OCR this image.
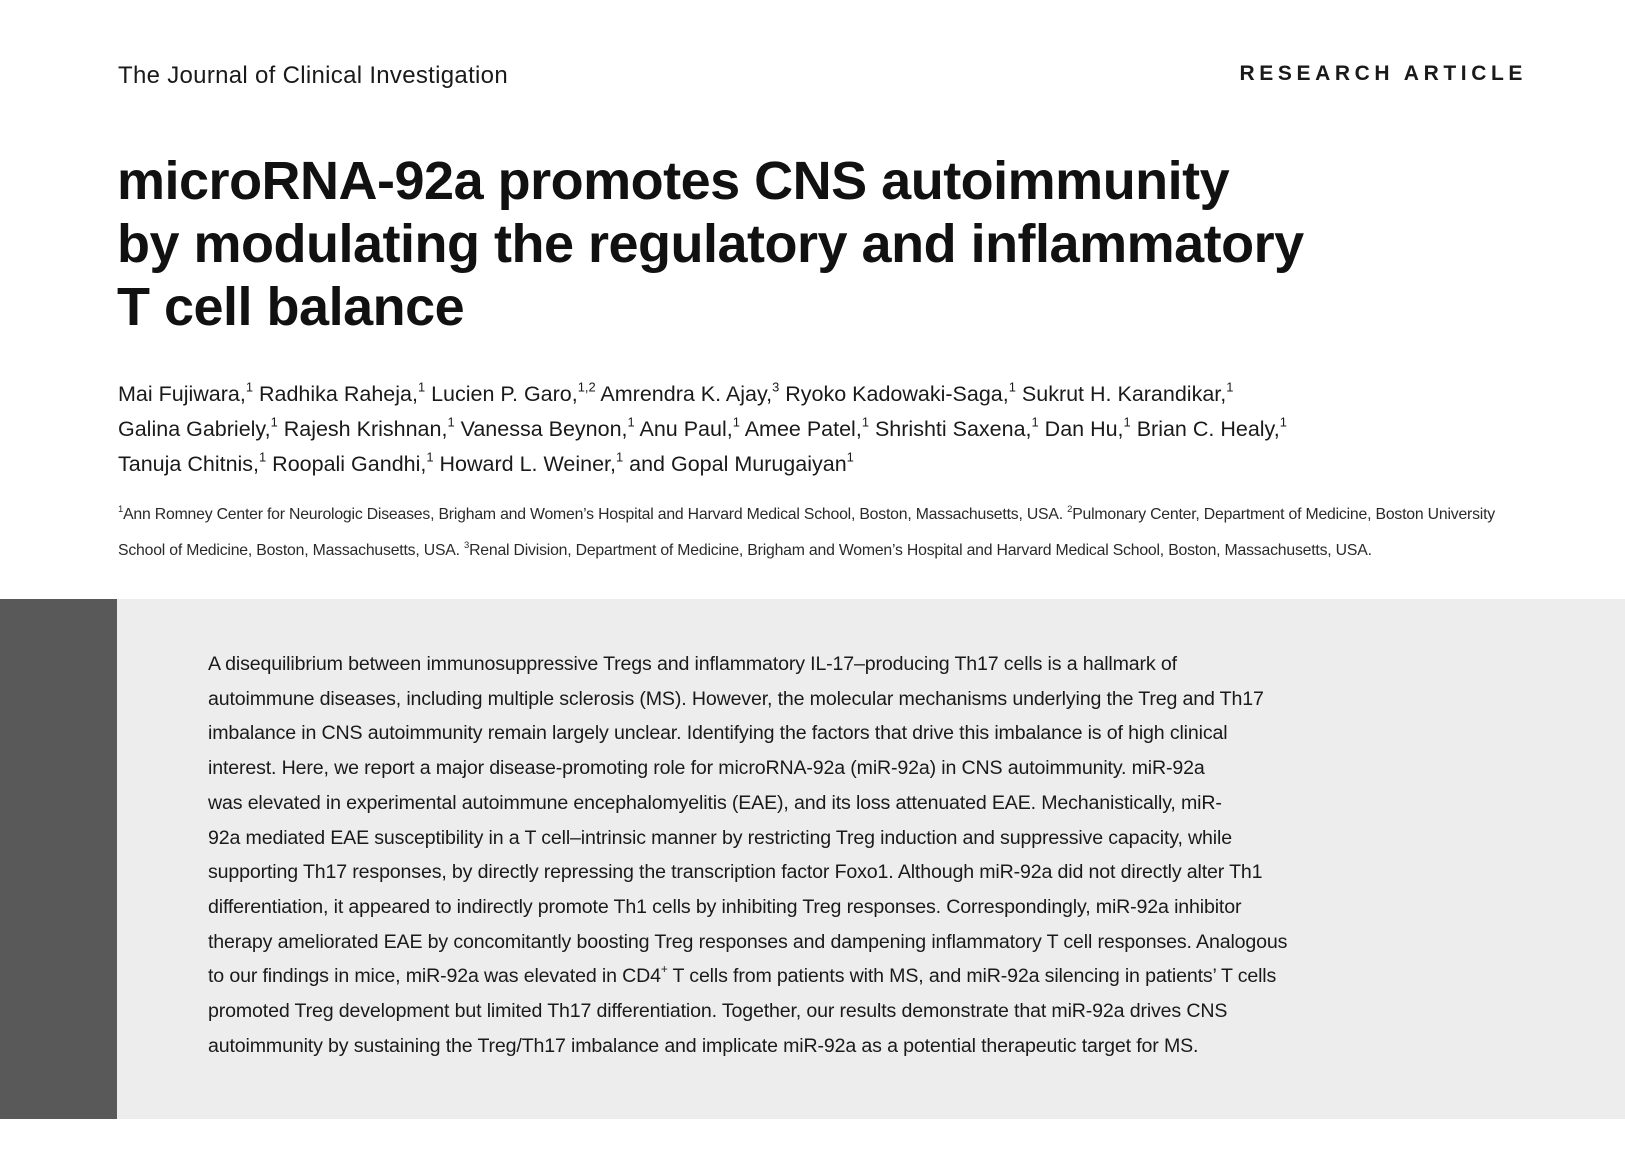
The Journal of Clinical Investigation	RESEARCH ARTICLE
microRNA-92a promotes CNS autoimmunity
by modulating the regulatory and inflammatory
T cell balance
Mai Fujiwara,$^1$ Radhika Raheja,$^1$ Lucien P. Garo,$^{1,2}$ Amrendra K. Ajay,$^3$ Ryoko Kadowaki-Saga,$^1$ Sukrut H. Karandikar,$^1$
Galina Gabriely,$^1$ Rajesh Krishnan,$^1$ Vanessa Beynon,$^1$ Anu Paul,$^1$ Amee Patel,$^1$ Shrishti Saxena,$^1$ Dan Hu,$^1$ Brian C. Healy,$^1$
Tanuja Chitnis,$^1$ Roopali Gandhi,$^1$ Howard L. Weiner,$^1$ and Gopal Murugaiyan$^1$
$^1$Ann Romney Center for Neurologic Diseases, Brigham and Women’s Hospital and Harvard Medical School, Boston, Massachusetts, USA. $^2$Pulmonary Center, Department of Medicine, Boston University
School of Medicine, Boston, Massachusetts, USA. $^3$Renal Division, Department of Medicine, Brigham and Women’s Hospital and Harvard Medical School, Boston, Massachusetts, USA.
A disequilibrium between immunosuppressive Tregs and inflammatory IL-17–producing Th17 cells is a hallmark of
autoimmune diseases, including multiple sclerosis (MS). However, the molecular mechanisms underlying the Treg and Th17
imbalance in CNS autoimmunity remain largely unclear. Identifying the factors that drive this imbalance is of high clinical
interest. Here, we report a major disease-promoting role for microRNA-92a (miR-92a) in CNS autoimmunity. miR-92a
was elevated in experimental autoimmune encephalomyelitis (EAE), and its loss attenuated EAE. Mechanistically, miR-
92a mediated EAE susceptibility in a T cell–intrinsic manner by restricting Treg induction and suppressive capacity, while
supporting Th17 responses, by directly repressing the transcription factor Foxo1. Although miR-92a did not directly alter Th1
differentiation, it appeared to indirectly promote Th1 cells by inhibiting Treg responses. Correspondingly, miR-92a inhibitor
therapy ameliorated EAE by concomitantly boosting Treg responses and dampening inflammatory T cell responses. Analogous
to our findings in mice, miR-92a was elevated in CD4+ T cells from patients with MS, and miR-92a silencing in patients’ T cells
promoted Treg development but limited Th17 differentiation. Together, our results demonstrate that miR-92a drives CNS
autoimmunity by sustaining the Treg/Th17 imbalance and implicate miR-92a as a potential therapeutic target for MS.
